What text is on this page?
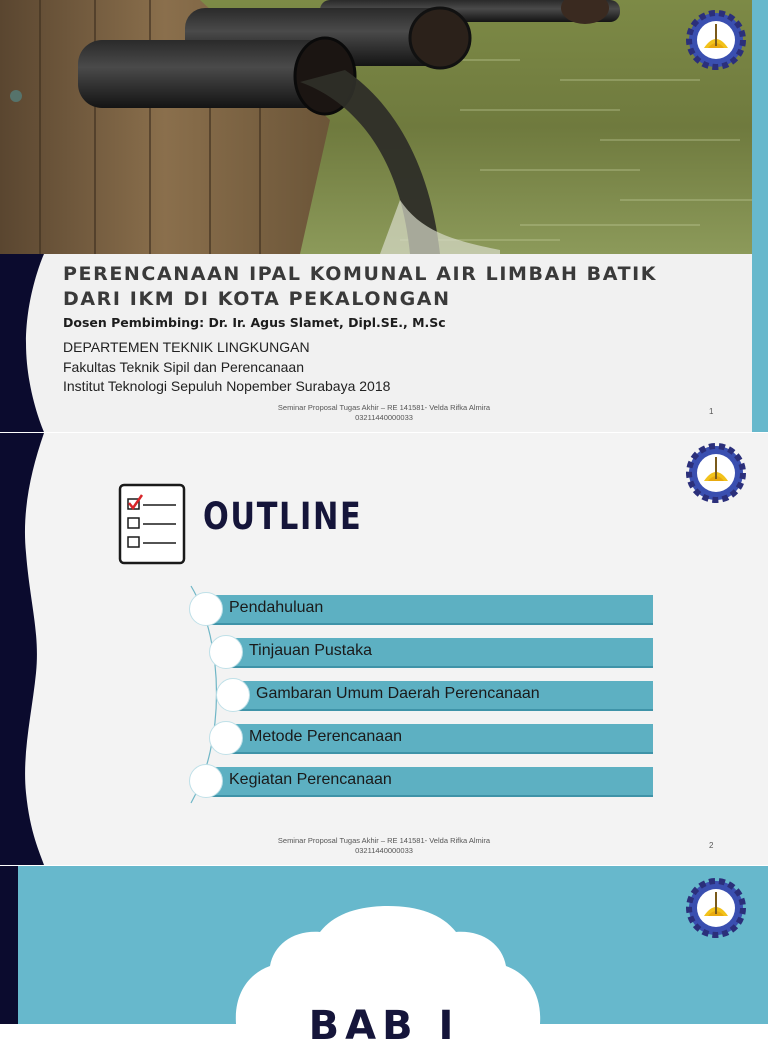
PERENCANAAN IPAL KOMUNAL AIR LIMBAH BATIK DARI IKM DI KOTA PEKALONGAN

Dosen Pembimbing: Dr. Ir. Agus Slamet, Dipl.SE., M.Sc

DEPARTEMEN TEKNIK LINGKUNGAN
Fakultas Teknik Sipil dan Perencanaan
Institut Teknologi Sepuluh Nopember Surabaya 2018
Seminar Proposal Tugas Akhir – RE 141581- Velda Rifka Almira
03211440000033
1
OUTLINE
Pendahuluan
Tinjauan Pustaka
Gambaran Umum Daerah Perencanaan
Metode Perencanaan
Kegiatan Perencanaan
Seminar Proposal Tugas Akhir – RE 141581- Velda Rifka Almira
03211440000033
2
BAB I
